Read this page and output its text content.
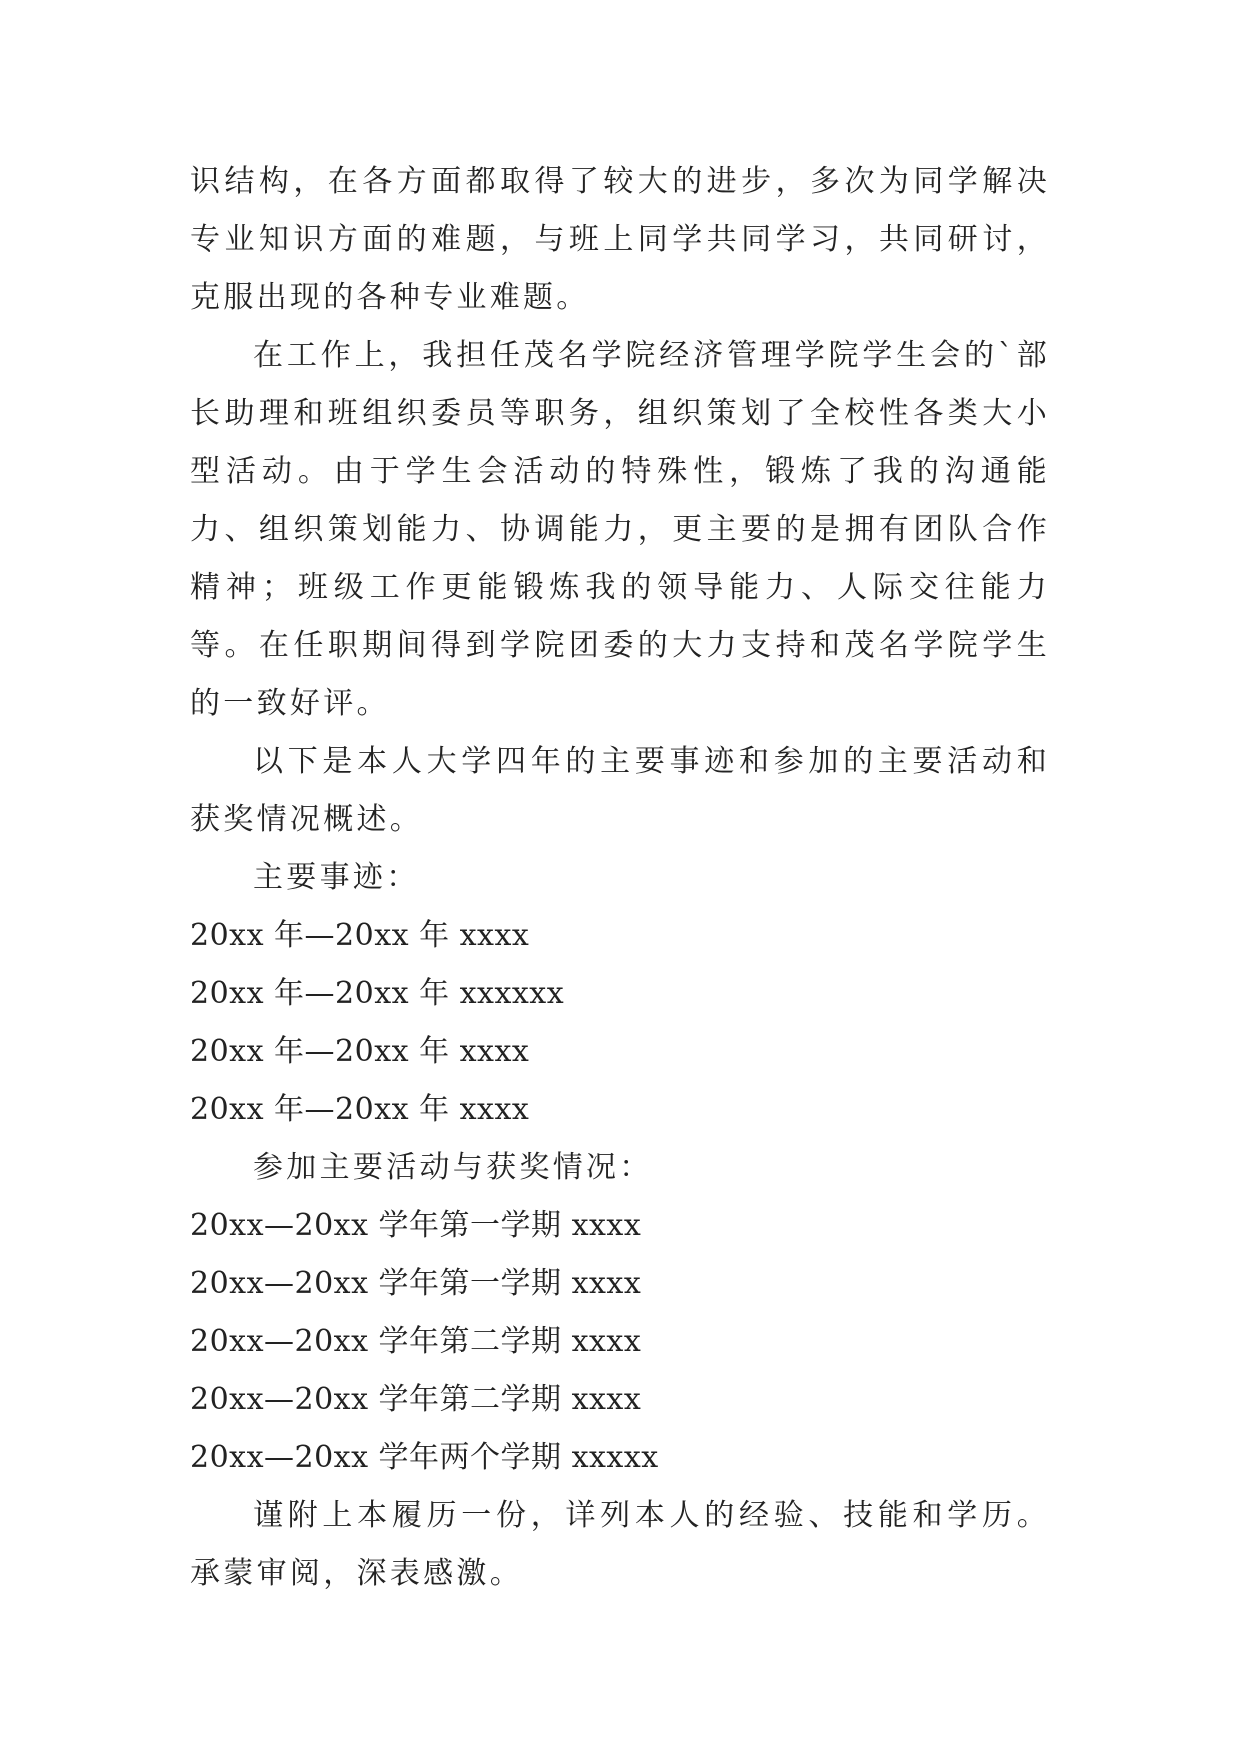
识结构，在各方面都取得了较大的进步，多次为同学解决专业知识方面的难题，与班上同学共同学习，共同研讨，克服出现的各种专业难题。

在工作上，我担任茂名学院经济管理学院学生会的`部长助理和班组织委员等职务，组织策划了全校性各类大小型活动。由于学生会活动的特殊性，锻炼了我的沟通能力、组织策划能力、协调能力，更主要的是拥有团队合作精神；班级工作更能锻炼我的领导能力、人际交往能力等。在任职期间得到学院团委的大力支持和茂名学院学生的一致好评。

以下是本人大学四年的主要事迹和参加的主要活动和获奖情况概述。

主要事迹：

20xx 年—20xx 年 xxxx

20xx 年—20xx 年 xxxxxx

20xx 年—20xx 年 xxxx

20xx 年—20xx 年 xxxx

参加主要活动与获奖情况：

20xx—20xx 学年第一学期 xxxx

20xx—20xx 学年第一学期 xxxx

20xx—20xx 学年第二学期 xxxx

20xx—20xx 学年第二学期 xxxx

20xx—20xx 学年两个学期 xxxxx

谨附上本履历一份，详列本人的经验、技能和学历。承蒙审阅，深表感激。
